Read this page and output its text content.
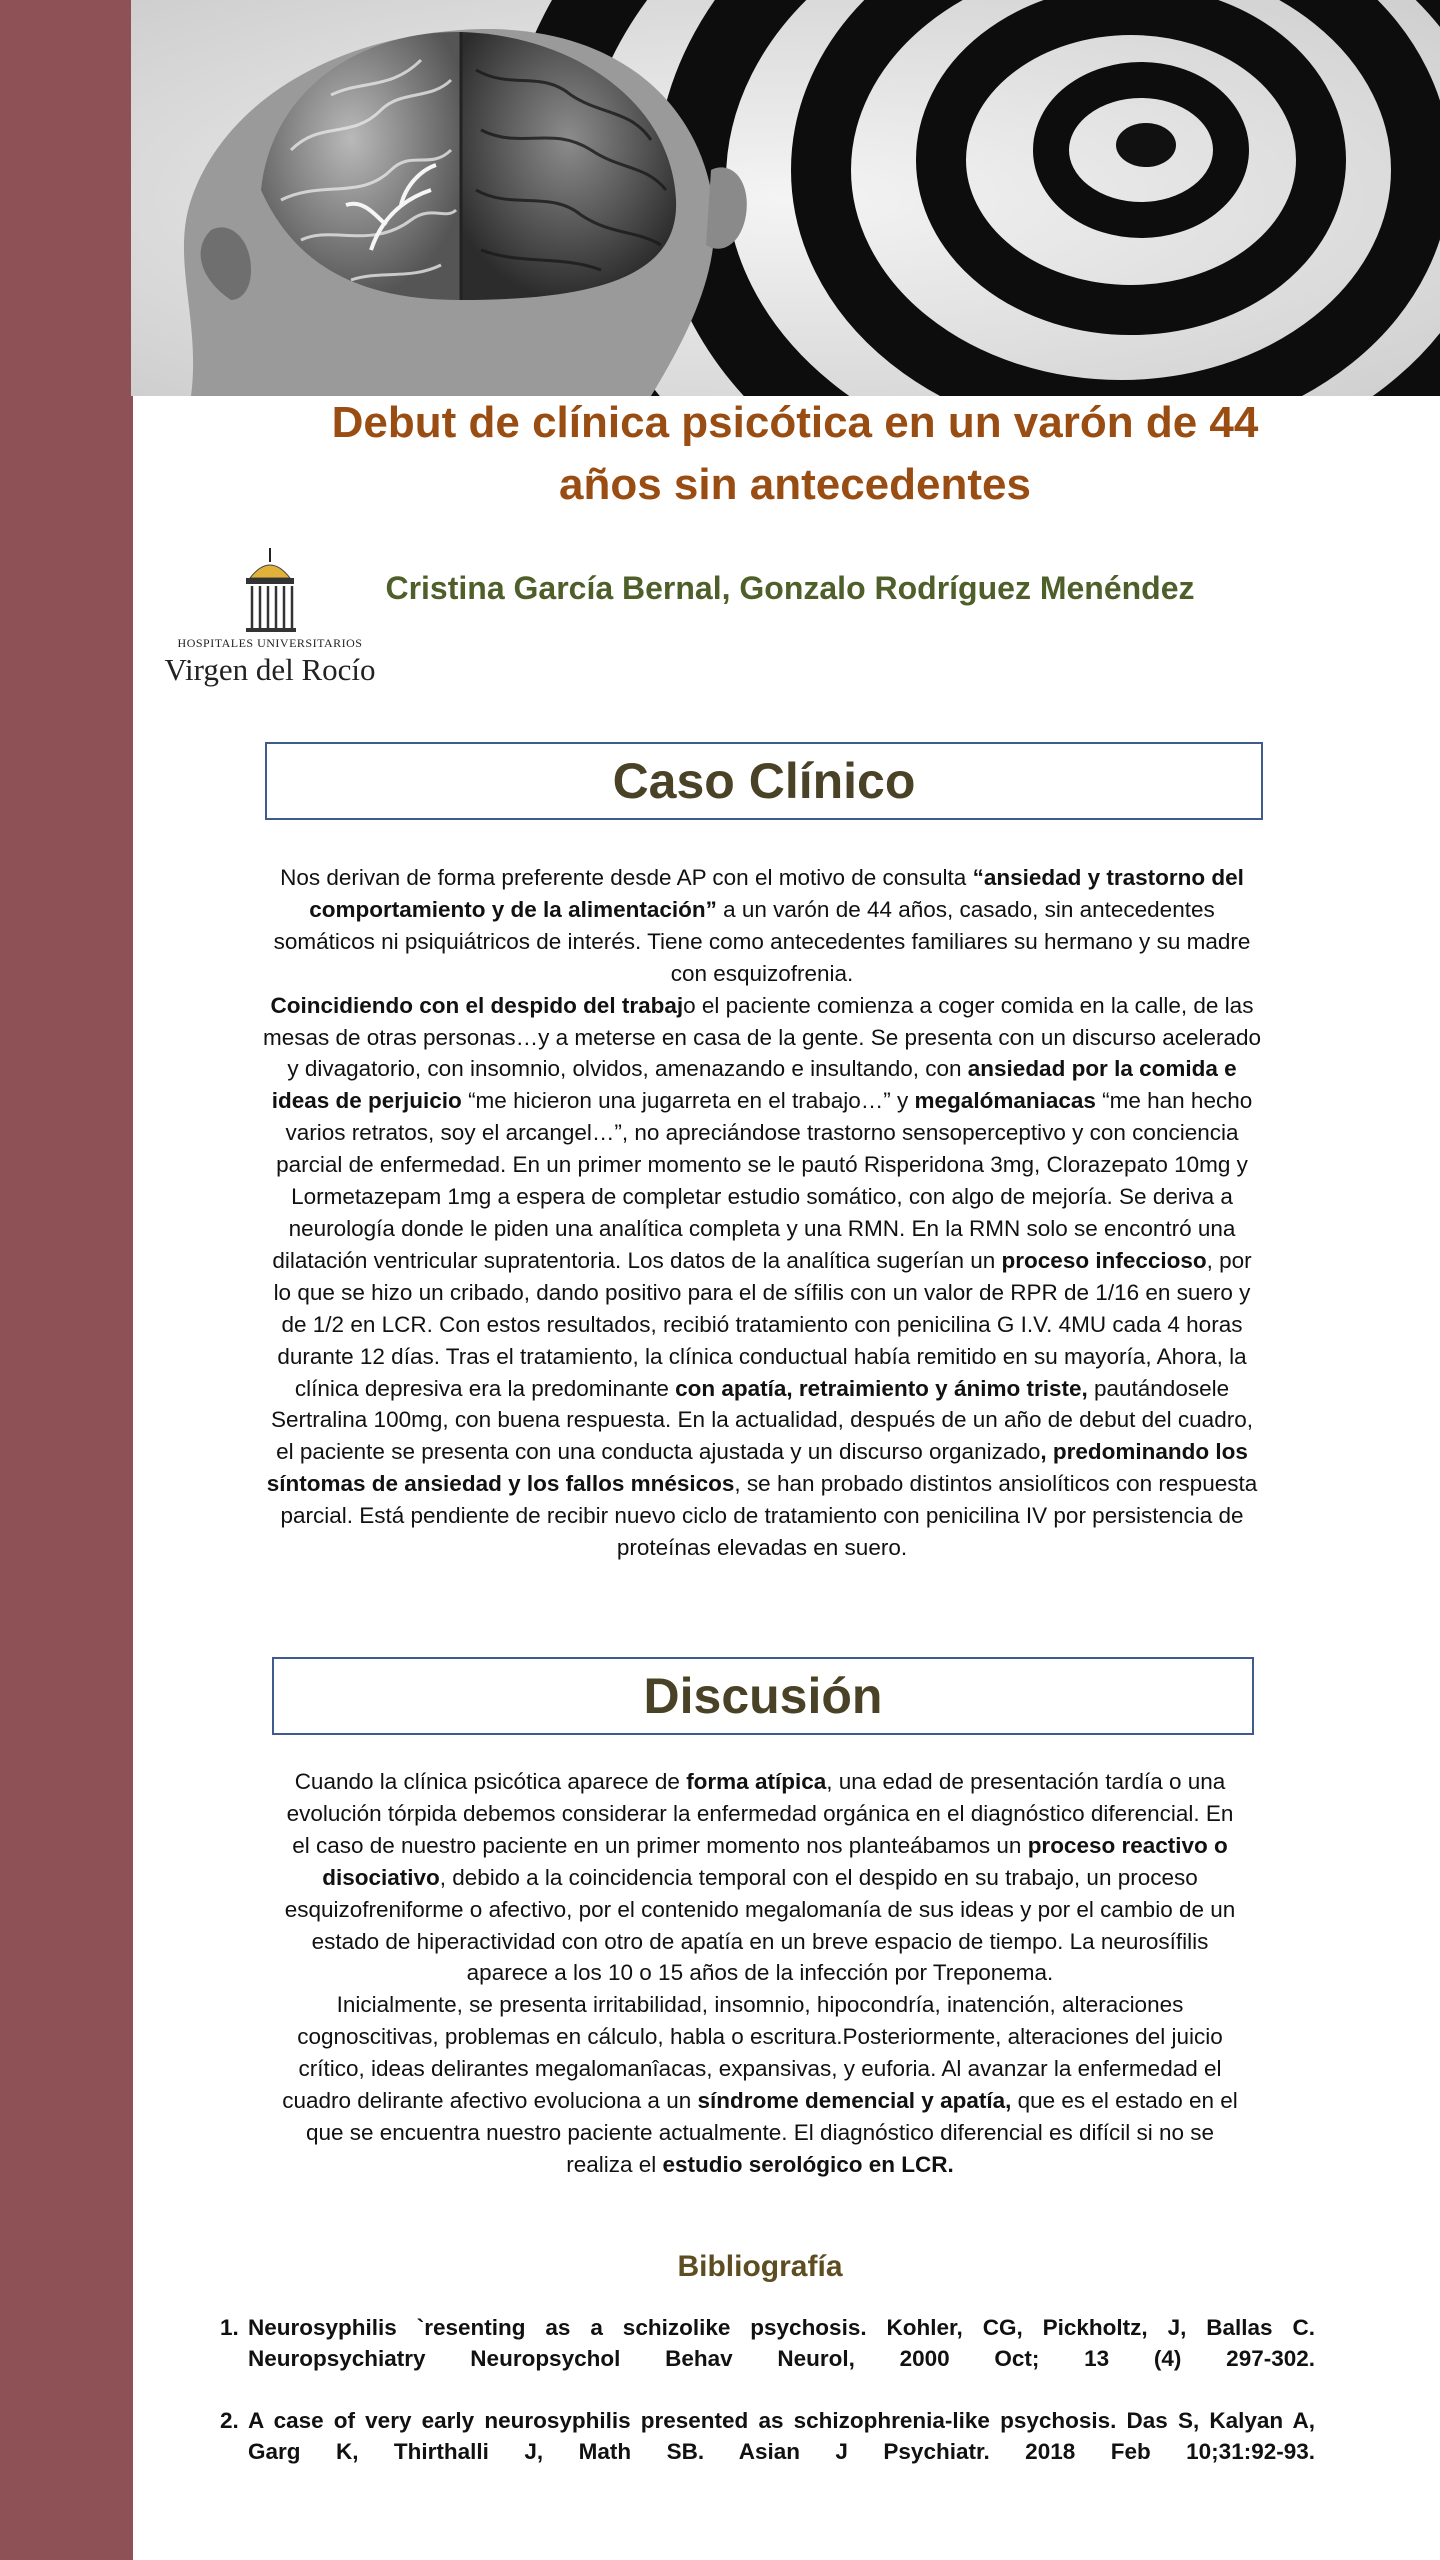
Debut de clínica psicótica en un varón de 44
años sin antecedentes
HOSPITALES UNIVERSITARIOS
Virgen del Rocío

Cristina García Bernal, Gonzalo Rodríguez Menéndez

Caso Clínico

Nos derivan de forma preferente desde AP con el motivo de consulta “ansiedad y trastorno del comportamiento y de la alimentación” a un varón de 44 años, casado, sin antecedentes somáticos ni psiquiátricos de interés. Tiene como antecedentes familiares su hermano y su madre con esquizofrenia.

Coincidiendo con el despido del trabajo el paciente comienza a coger comida en la calle, de las mesas de otras personas…y a meterse en casa de la gente. Se presenta con un discurso acelerado y divagatorio, con insomnio, olvidos, amenazando e insultando, con ansiedad por la comida e ideas de perjuicio “me hicieron una jugarreta en el trabajo…” y megalómaniacas “me han hecho varios retratos, soy el arcangel…”, no apreciándose trastorno sensoperceptivo y con conciencia parcial de enfermedad. En un primer momento se le pautó Risperidona 3mg, Clorazepato 10mg y Lormetazepam 1mg a espera de completar estudio somático, con algo de mejoría. Se deriva a neurología donde le piden una analítica completa y una RMN. En la RMN solo se encontró una dilatación ventricular supratentoria. Los datos de la analítica sugerían un proceso infeccioso, por lo que se hizo un cribado, dando positivo para el de sífilis con un valor de RPR de 1/16 en suero y de 1/2 en LCR. Con estos resultados, recibió tratamiento con penicilina G I.V. 4MU cada 4 horas durante 12 días. Tras el tratamiento, la clínica conductual había remitido en su mayoría, Ahora, la clínica depresiva era la predominante con apatía, retraimiento y ánimo triste, pautándosele Sertralina 100mg, con buena respuesta. En la actualidad, después de un año de debut del cuadro, el paciente se presenta con una conducta ajustada y un discurso organizado, predominando los síntomas de ansiedad y los fallos mnésicos, se han probado distintos ansiolíticos con respuesta parcial. Está pendiente de recibir nuevo ciclo de tratamiento con penicilina IV por persistencia de proteínas elevadas en suero.

Discusión

Cuando la clínica psicótica aparece de forma atípica, una edad de presentación tardía o una evolución tórpida debemos considerar la enfermedad orgánica en el diagnóstico diferencial. En el caso de nuestro paciente en un primer momento nos planteábamos un proceso reactivo o disociativo, debido a la coincidencia temporal con el despido en su trabajo, un proceso esquizofreniforme o afectivo, por el contenido megalomanía de sus ideas y por el cambio de un estado de hiperactividad con otro de apatía en un breve espacio de tiempo. La neurosífilis aparece a los 10 o 15 años de la infección por Treponema.

Inicialmente, se presenta irritabilidad, insomnio, hipocondría, inatención, alteraciones cognoscitivas, problemas en cálculo, habla o escritura.Posteriormente, alteraciones del juicio crítico, ideas delirantes megalomanîacas, expansivas, y euforia. Al avanzar la enfermedad el cuadro delirante afectivo evoluciona a un síndrome demencial y apatía, que es el estado en el que se encuentra nuestro paciente actualmente. El diagnóstico diferencial es difícil si no se realiza el estudio serológico en LCR.

Bibliografía
1. Neurosyphilis `resenting as a schizolike psychosis. Kohler, CG, Pickholtz, J, Ballas C. Neuropsychiatry Neuropsychol Behav Neurol, 2000 Oct; 13 (4) 297-302.
2. A case of very early neurosyphilis presented as schizophrenia-like psychosis. Das S, Kalyan A, Garg K, Thirthalli J, Math SB. Asian J Psychiatr. 2018 Feb 10;31:92-93.
